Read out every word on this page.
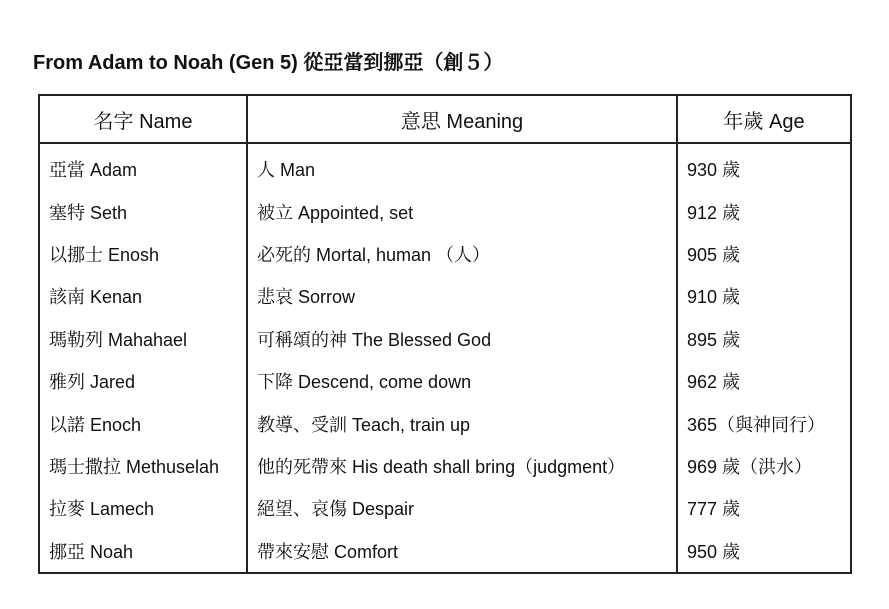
From Adam to Noah (Gen 5) 從亞當到挪亞（創５）
名字 Name	意思 Meaning	年歲 Age
亞當 Adam	人 Man	930 歲
塞特 Seth	被立 Appointed, set	912 歲
以挪士 Enosh	必死的 Mortal, human （人）	905 歲
該南 Kenan	悲哀 Sorrow	910 歲
瑪勒列 Mahahael	可稱頌的神 The Blessed God	895 歲
雅列 Jared	下降 Descend, come down	962 歲
以諾 Enoch	教導、受訓 Teach, train up	365（與神同行）
瑪士撒拉 Methuselah	他的死帶來 His death shall bring（judgment）	969 歲（洪水）
拉麥 Lamech	絕望、哀傷 Despair	777 歲
挪亞 Noah	帶來安慰 Comfort	950 歲
